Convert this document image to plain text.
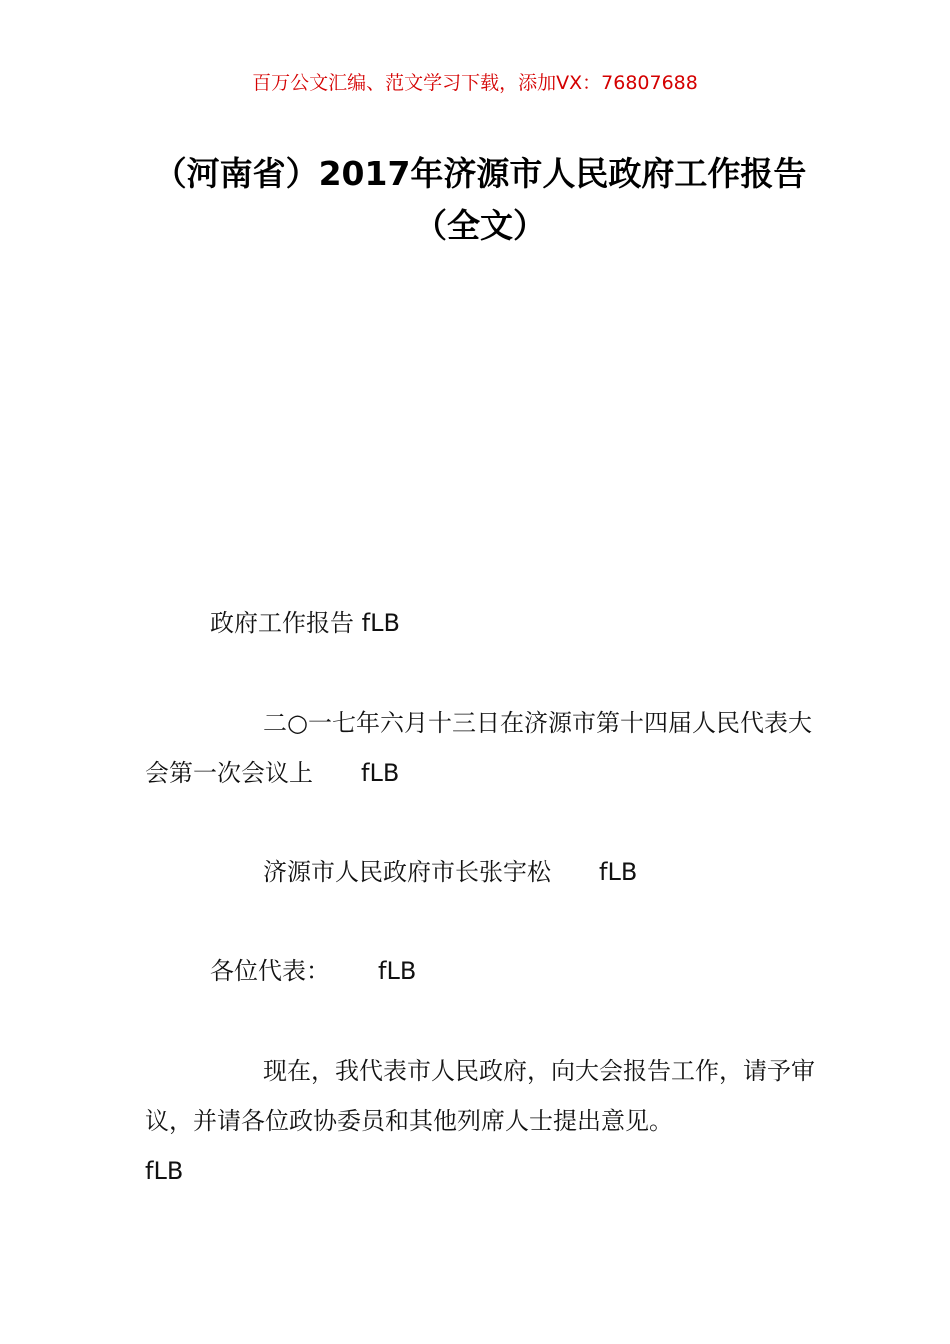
百万公文汇编、范文学习下载，添加VX：76807688
（河南省）2017年济源市人民政府工作报告（全文）
政府工作报告 fLB
二○一七年六月十三日在济源市第十四届人民代表大会第一次会议上 fLB
济源市人民政府市长张宇松 fLB
各位代表： fLB
现在，我代表市人民政府，向大会报告工作，请予审议，并请各位政协委员和其他列席人士提出意见。
fLB
